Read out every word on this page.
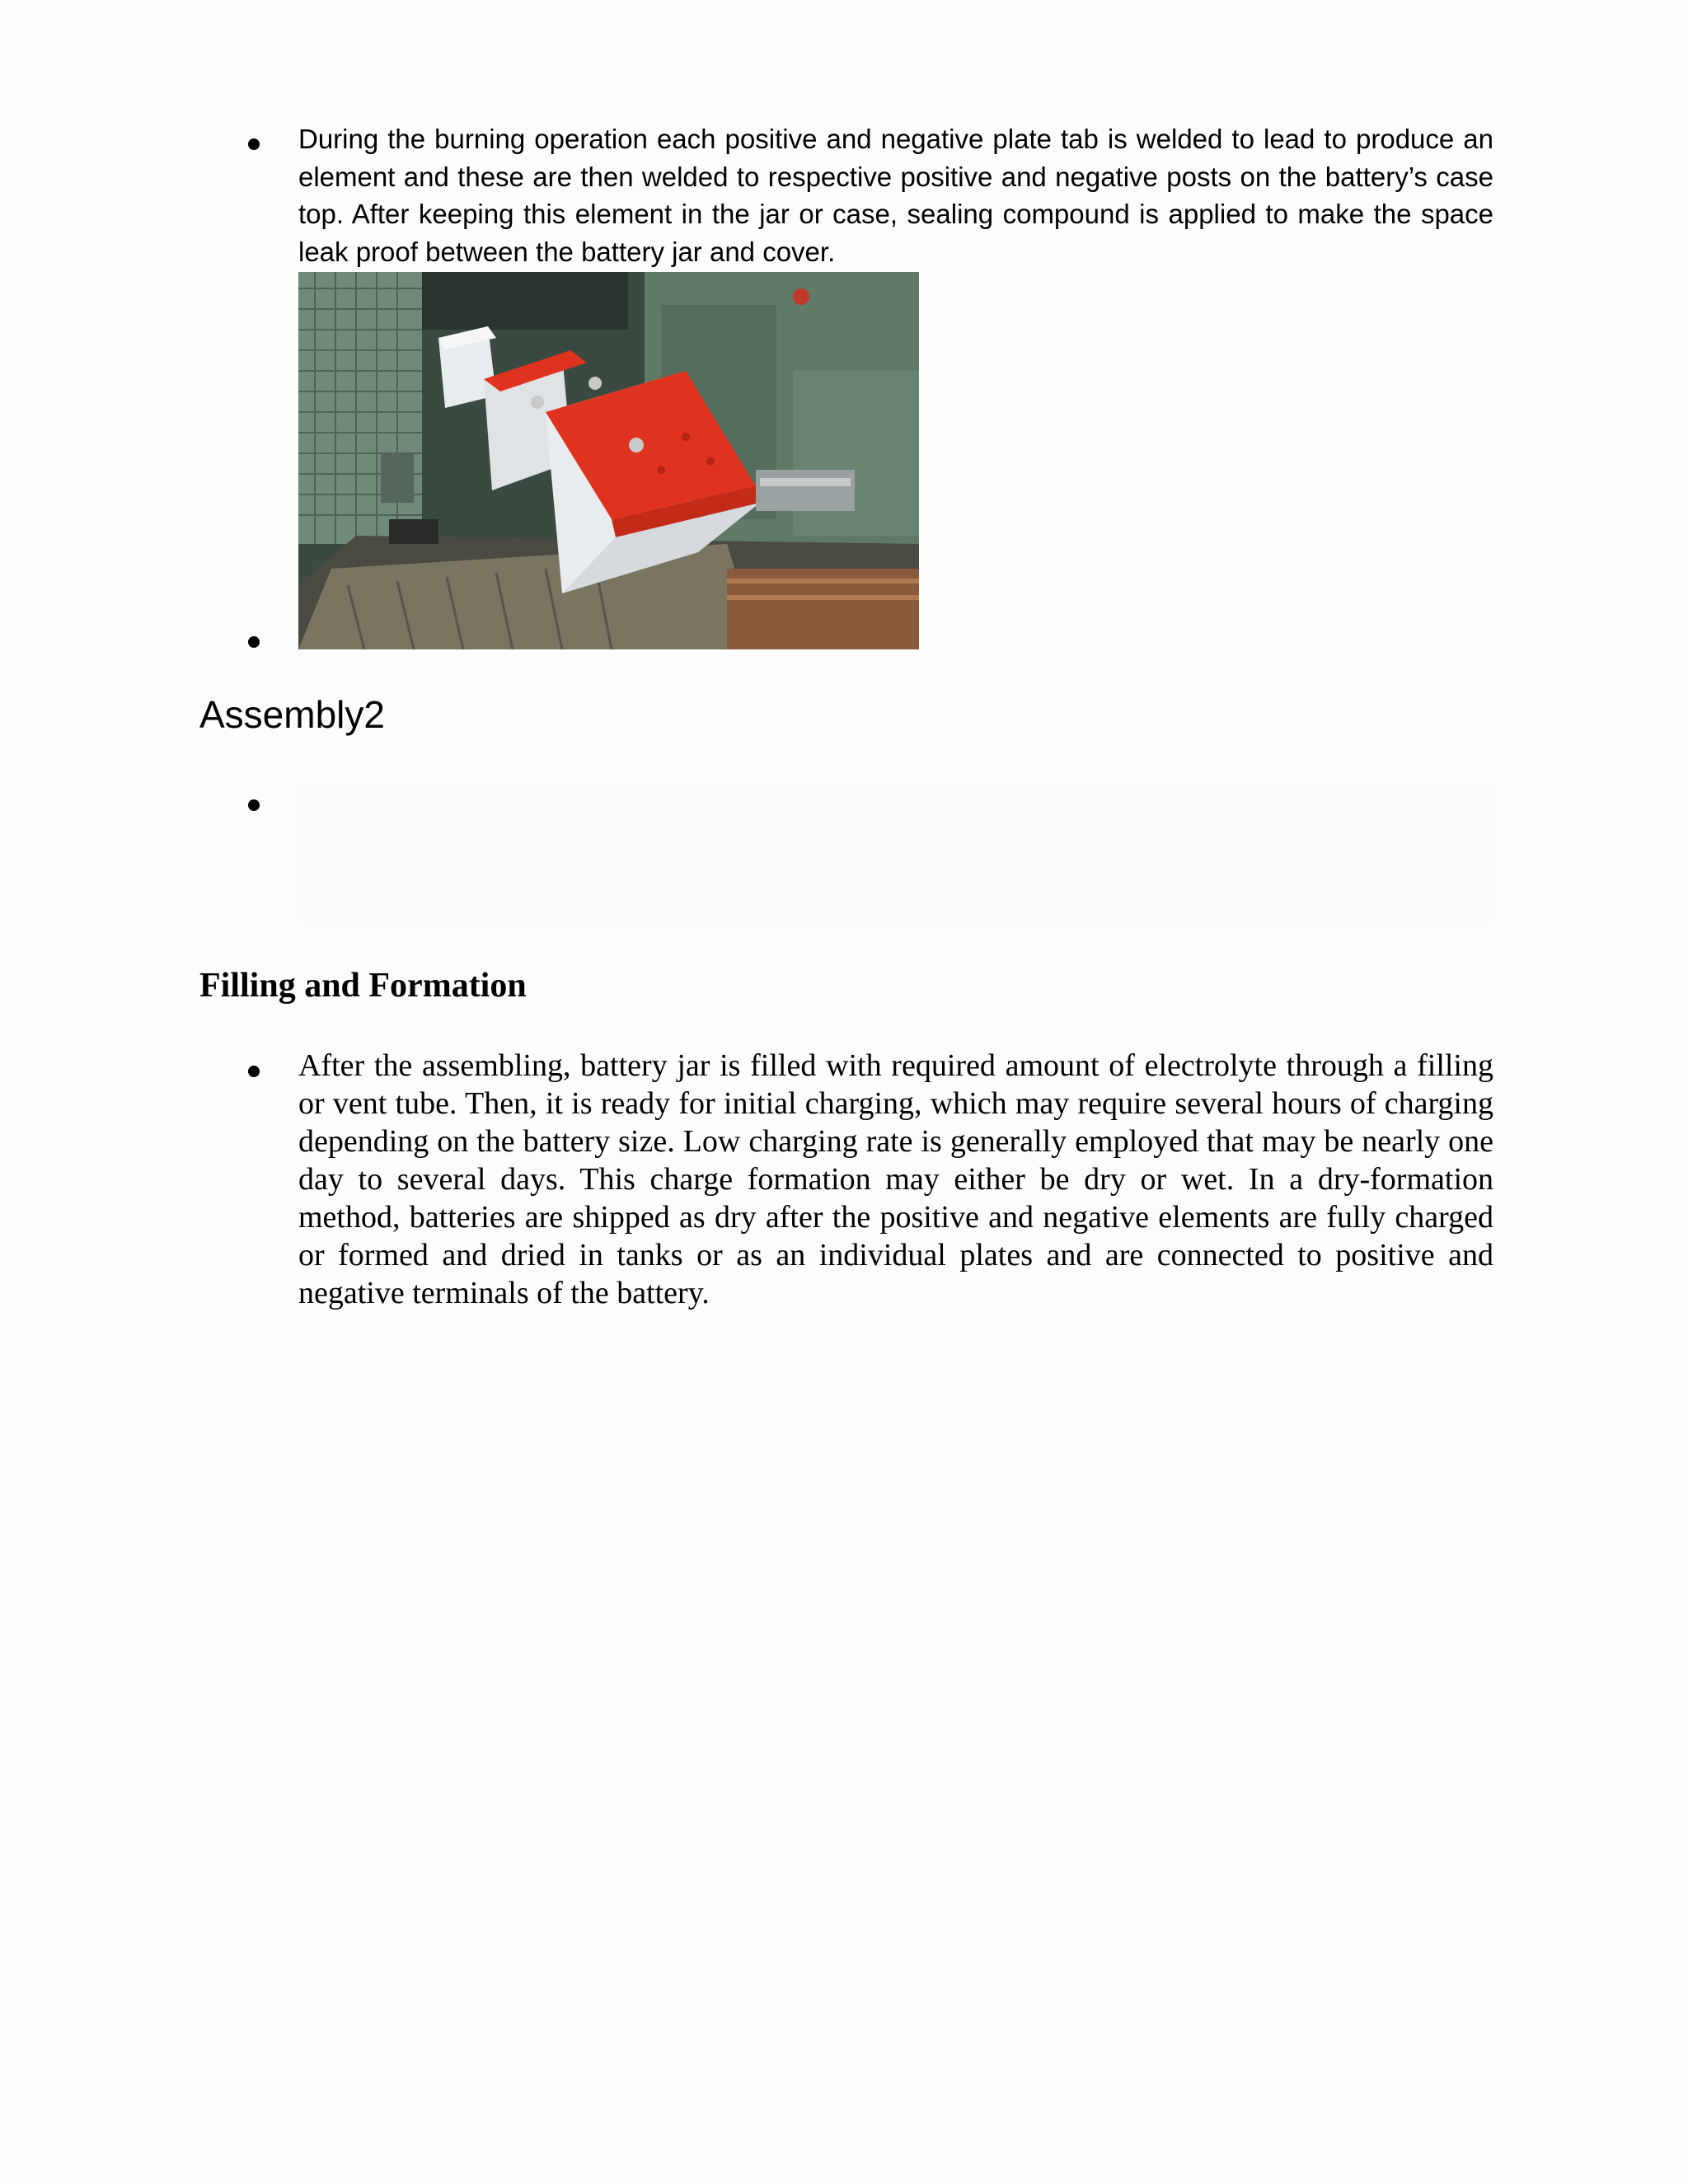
During the burning operation each positive and negative plate tab is welded to lead to produce an element and these are then welded to respective positive and negative posts on the battery’s case top. After keeping this element in the jar or case, sealing compound is applied to make the space leak proof between the battery jar and cover.

Assembly2
Filling and Formation

After the assembling, battery jar is filled with required amount of electrolyte through a filling or vent tube. Then, it is ready for initial charging, which may require several hours of charging depending on the battery size. Low charging rate is generally employed that may be nearly one day to several days. This charge formation may either be dry or wet. In a dry-formation method, batteries are shipped as dry after the positive and negative elements are fully charged or formed and dried in tanks or as an individual plates and are connected to positive and negative terminals of the battery.
